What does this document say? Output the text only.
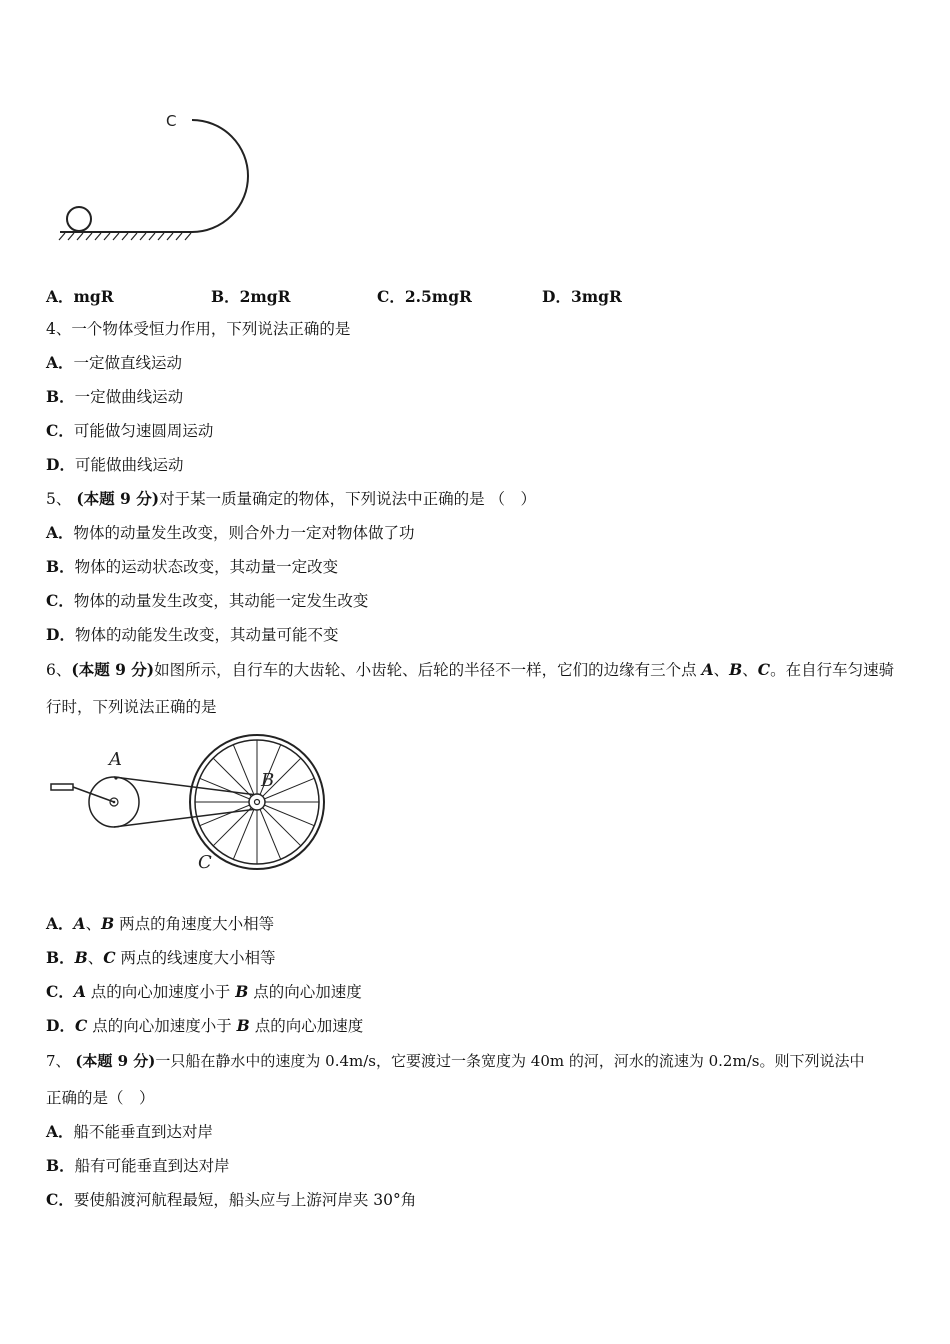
C
A．mgR	B．2mgR	C．2.5mgR	D．3mgR
4、一个物体受恒力作用，下列说法正确的是
A．一定做直线运动
B．一定做曲线运动
C．可能做匀速圆周运动
D．可能做曲线运动
5、 (本题 9 分)对于某一质量确定的物体，下列说法中正确的是 （　）
A．物体的动量发生改变，则合外力一定对物体做了功
B．物体的运动状态改变，其动量一定改变
C．物体的动量发生改变，其动能一定发生改变
D．物体的动能发生改变，其动量可能不变
6、(本题 9 分)如图所示，自行车的大齿轮、小齿轮、后轮的半径不一样，它们的边缘有三个点 A、B、C。在自行车匀速骑
行时，下列说法正确的是
A
B
C
A．A、B 两点的角速度大小相等
B．B、C 两点的线速度大小相等
C．A 点的向心加速度小于 B 点的向心加速度
D．C 点的向心加速度小于 B 点的向心加速度
7、 (本题 9 分)一只船在静水中的速度为 0.4m/s，它要渡过一条宽度为 40m 的河，河水的流速为 0.2m/s。则下列说法中
正确的是（　）
A．船不能垂直到达对岸
B．船有可能垂直到达对岸
C．要使船渡河航程最短，船头应与上游河岸夹 30°角
